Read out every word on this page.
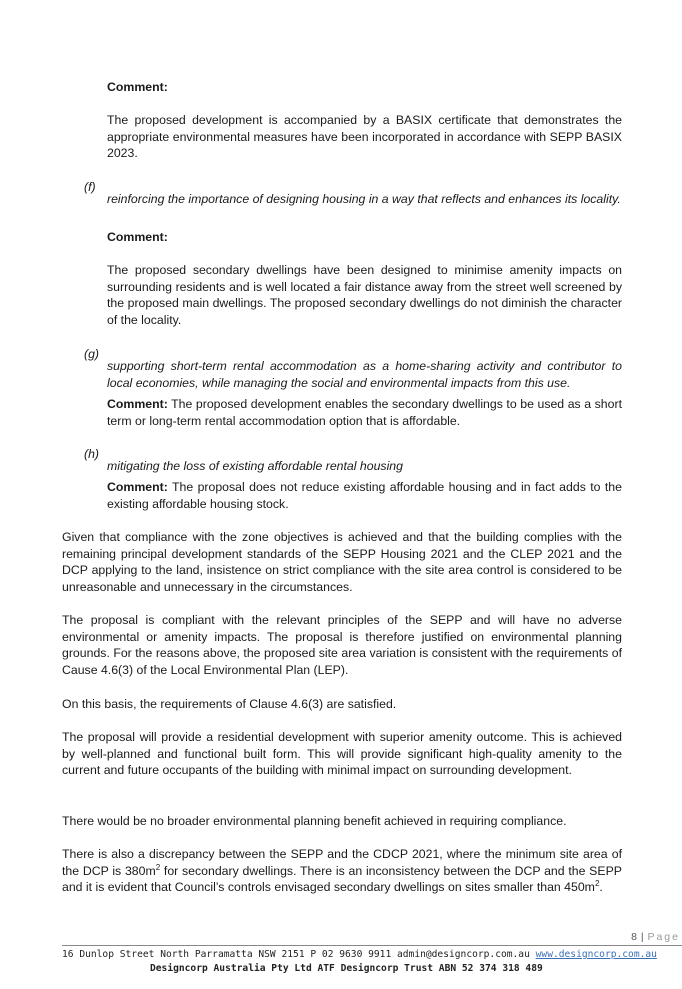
Comment:

The proposed development is accompanied by a BASIX certificate that demonstrates the appropriate environmental measures have been incorporated in accordance with SEPP BASIX 2023.

(f)

reinforcing the importance of designing housing in a way that reflects and enhances its locality.

Comment:

The proposed secondary dwellings have been designed to minimise amenity impacts on surrounding residents and is well located a fair distance away from the street well screened by the proposed main dwellings. The proposed secondary dwellings do not diminish the character of the locality.

(g)

supporting short-term rental accommodation as a home-sharing activity and contributor to local economies, while managing the social and environmental impacts from this use.

Comment: The proposed development enables the secondary dwellings to be used as a short term or long-term rental accommodation option that is affordable.

(h)

mitigating the loss of existing affordable rental housing

Comment: The proposal does not reduce existing affordable housing and in fact adds to the existing affordable housing stock.

Given that compliance with the zone objectives is achieved and that the building complies with the remaining principal development standards of the SEPP Housing 2021 and the CLEP 2021 and the DCP applying to the land, insistence on strict compliance with the site area control is considered to be unreasonable and unnecessary in the circumstances.

The proposal is compliant with the relevant principles of the SEPP and will have no adverse environmental or amenity impacts. The proposal is therefore justified on environmental planning grounds. For the reasons above, the proposed site area variation is consistent with the requirements of Cause 4.6(3) of the Local Environmental Plan (LEP).

On this basis, the requirements of Clause 4.6(3) are satisfied.

The proposal will provide a residential development with superior amenity outcome. This is achieved by well-planned and functional built form. This will provide significant high-quality amenity to the current and future occupants of the building with minimal impact on surrounding development.

There would be no broader environmental planning benefit achieved in requiring compliance.

There is also a discrepancy between the SEPP and the CDCP 2021, where the minimum site area of the DCP is $380m^2$ for secondary dwellings. There is an inconsistency between the DCP and the SEPP and it is evident that Council’s controls envisaged secondary dwellings on sites smaller than $450m^2$.

8 | Page
16 Dunlop Street North Parramatta NSW 2151 P 02 9630 9911 admin@designcorp.com.au www.designcorp.com.au
Designcorp Australia Pty Ltd ATF Designcorp Trust ABN 52 374 318 489
